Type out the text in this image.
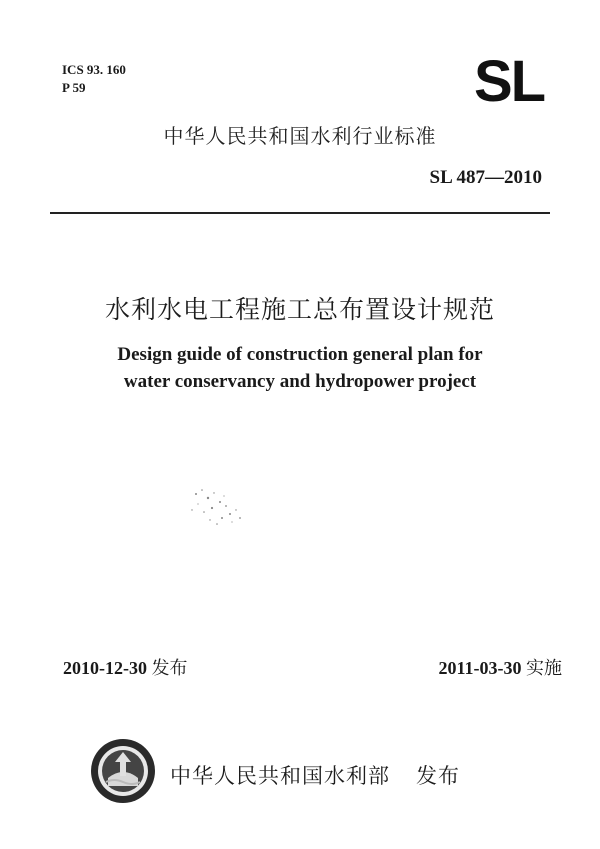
ICS 93. 160
P 59	SL
中华人民共和国水利行业标准
SL 487—2010
水利水电工程施工总布置设计规范
Design guide of construction general plan for
water conservancy and hydropower project
2010-12-30 发布	2011-03-30 实施
中华人民共和国水利部 发布
